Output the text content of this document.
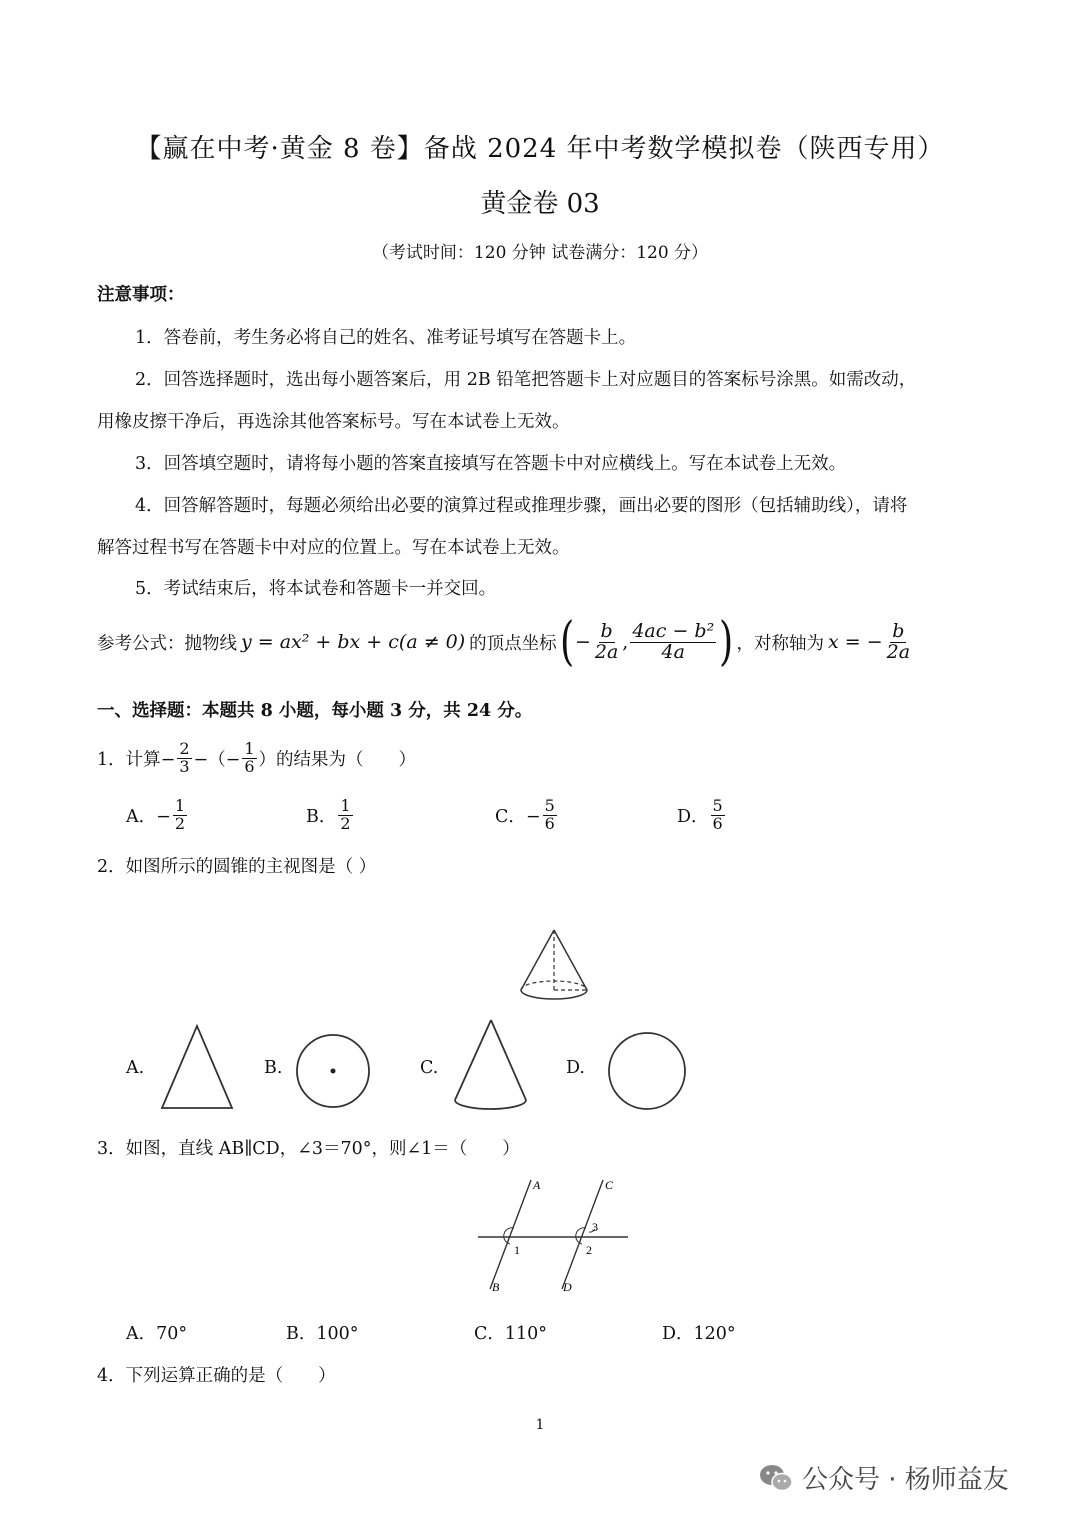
【赢在中考·黄金 8 卷】备战 2024 年中考数学模拟卷（陕西专用）
黄金卷 03
（考试时间：120 分钟 试卷满分：120 分）
注意事项：
1．答卷前，考生务必将自己的姓名、准考证号填写在答题卡上。
2．回答选择题时，选出每小题答案后，用 2B 铅笔把答题卡上对应题目的答案标号涂黑。如需改动，
用橡皮擦干净后，再选涂其他答案标号。写在本试卷上无效。
3．回答填空题时，请将每小题的答案直接填写在答题卡中对应横线上。写在本试卷上无效。
4．回答解答题时，每题必须给出必要的演算过程或推理步骤，画出必要的图形（包括辅助线），请将
解答过程书写在答题卡中对应的位置上。写在本试卷上无效。
5．考试结束后，将本试卷和答题卡一并交回。
参考公式：抛物线 y = ax² + bx + c(a ≠ 0) 的顶点坐标 ( − $\frac{b}{2a}$ , $\frac{\text{4ac − b²}}{4a}$ ) ，对称轴为 x = − $\frac{b}{2a}$
一、选择题：本题共 8 小题，每小题 3 分，共 24 分。
1．计算− $\frac{2}{3}$ −（− $\frac{1}{6}$ ）的结果为（　　）
A．− $\frac{1}{2}$	B． $\frac{1}{2}$	C．− $\frac{5}{6}$	D． $\frac{5}{6}$
2．如图所示的圆锥的主视图是（ ）
A.	B.	C.	D.
3．如图，直线 AB∥CD，∠3＝70°，则∠1＝（　　）
A	C
B	D
1	2
3
A．70°	B．100°	C．110°	D．120°
4．下列运算正确的是（　　）
1
公众号 · 杨师益友
